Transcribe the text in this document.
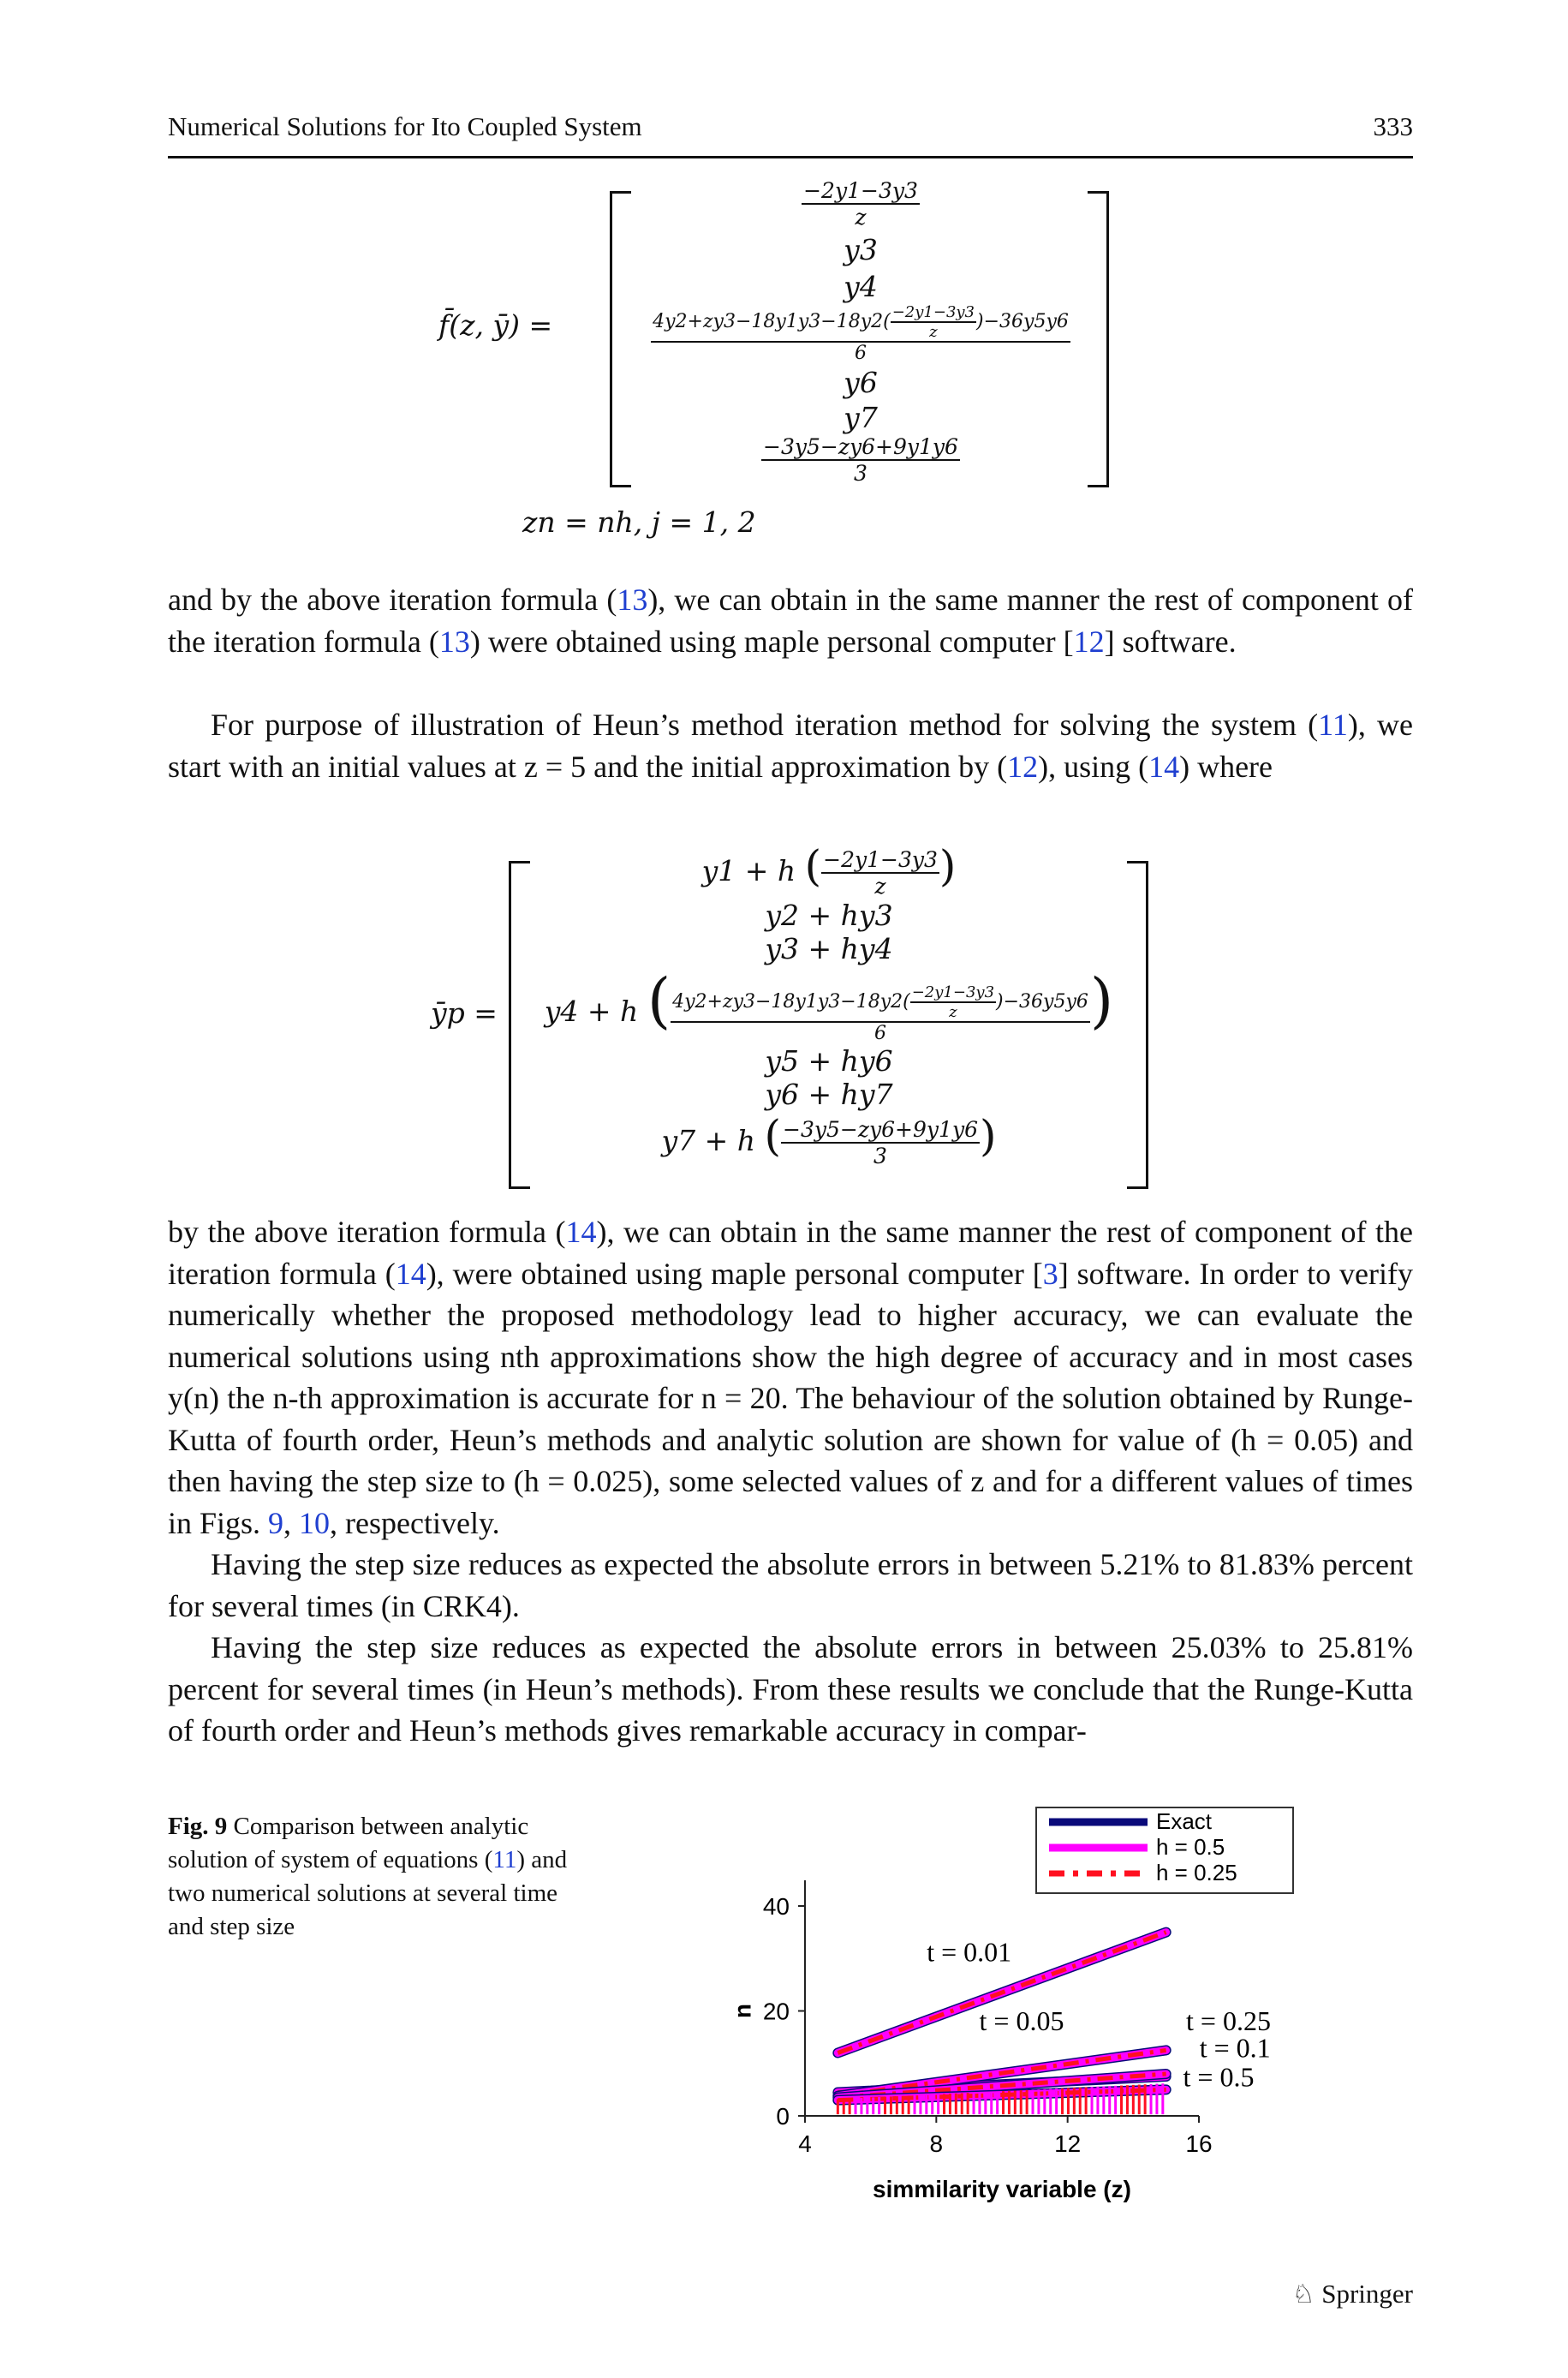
Numerical Solutions for Ito Coupled System	333
f̄(z, ȳ) =
$\frac{-2y1-3y3}{z}$
y3
y4
$\frac{4y2+zy3-18y1y3-18y2( \frac{-2y1-3y3}{z} )-36y5y6}{6}$
y6
y7
$\frac{-3y5-zy6+9y1y6}{3}$
zn = nh, j = 1, 2

and by the above iteration formula (13), we can obtain in the same manner the rest of component of the iteration formula (13) were obtained using maple personal computer [12] software.

For purpose of illustration of Heun’s method iteration method for solving the system (11), we start with an initial values at z = 5 and the initial approximation by (12), using (14) where

ȳp =
y1 + h ( $\frac{-2y1-3y3}{z}$ )
y2 + hy3
y3 + hy4
y4 + h ( $\frac{4y2+zy3-18y1y3-18y2( \frac{-2y1-3y3}{z} )-36y5y6}{6}$ )
y5 + hy6
y6 + hy7
y7 + h ( $\frac{-3y5-zy6+9y1y6}{3}$ )

by the above iteration formula (14), we can obtain in the same manner the rest of component of the iteration formula (14), were obtained using maple personal computer [3] software. In order to verify numerically whether the proposed methodology lead to higher accuracy, we can evaluate the numerical solutions using nth approximations show the high degree of accuracy and in most cases y(n) the n-th approximation is accurate for n = 20. The behaviour of the solution obtained by Runge-Kutta of fourth order, Heun’s methods and analytic solution are shown for value of (h = 0.05) and then having the step size to (h = 0.025), some selected values of z and for a different values of times in Figs. 9, 10, respectively.

Having the step size reduces as expected the absolute errors in between 5.21% to 81.83% percent for several times (in CRK4).

Having the step size reduces as expected the absolute errors in between 25.03% to 25.81% percent for several times (in Heun’s methods). From these results we conclude that the Runge-Kutta of fourth order and Heun’s methods gives remarkable accuracy in compar-

Fig. 9 Comparison between analytic solution of system of equations (11) and two numerical solutions at several time and step size
4	8	12	16
0
20
40
simmilarity variable (z)
u
t = 0.01
t = 0.05	t = 0.25
t = 0.1
t = 0.5
Exact
h = 0.5
h = 0.25
♘ Springer
